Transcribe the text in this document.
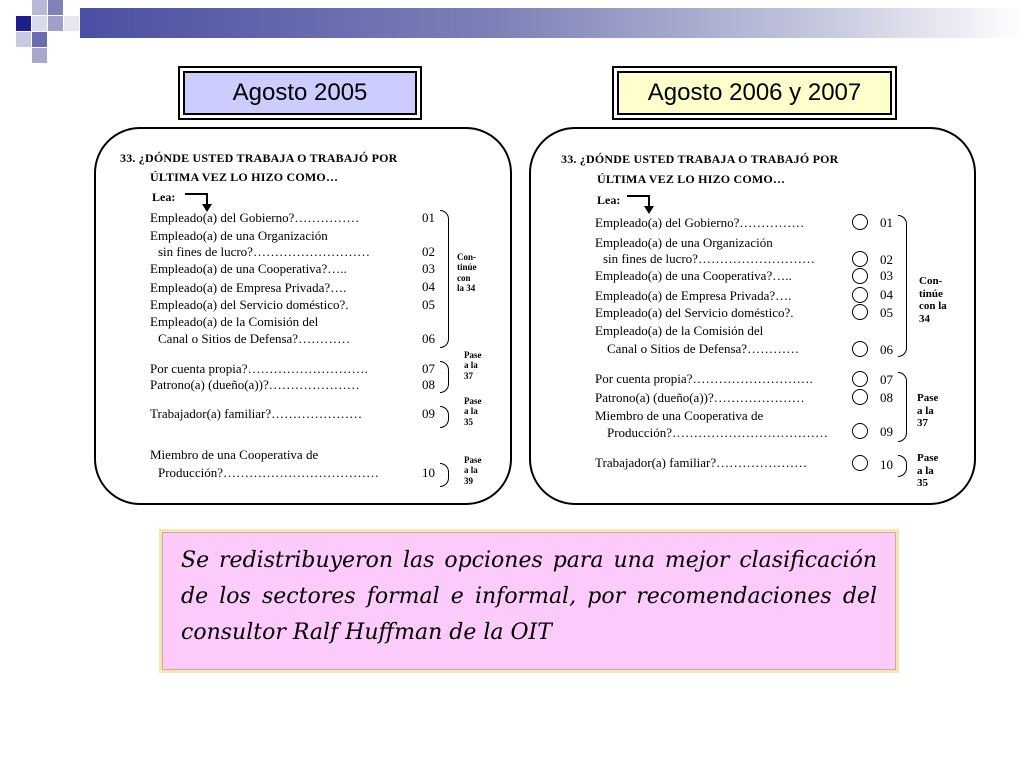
Agosto 2005	Agosto 2006 y 2007
33. ¿DÓNDE USTED TRABAJA O TRABAJÓ POR
ÚLTIMA VEZ LO HIZO COMO…
Lea:
Empleado(a) del Gobierno?……………	01
Empleado(a) de una Organización
sin fines de lucro?………………………	02
Empleado(a) de una Cooperativa?…..	03
Empleado(a) de Empresa Privada?….	04
Empleado(a) del Servicio doméstico?.	05
Empleado(a) de la Comisión del
Canal o Sitios de Defensa?…………	06
Por cuenta propia?……………………….	07
Patrono(a) (dueño(a))?…………………	08
Trabajador(a) familiar?…………………	09
Miembro de una Cooperativa de
Producción?………………………………	10
Con-
tinúe
con
la 34
Pase
a la
37
Pase
a la
35
Pase
a la
39
33. ¿DÓNDE USTED TRABAJA O TRABAJÓ POR
ÚLTIMA VEZ LO HIZO COMO…
Lea:
Empleado(a) del Gobierno?……………	01
Empleado(a) de una Organización
sin fines de lucro?………………………	02
Empleado(a) de una Cooperativa?…..	03
Empleado(a) de Empresa Privada?….	04
Empleado(a) del Servicio doméstico?.	05
Empleado(a) de la Comisión del
Canal o Sitios de Defensa?…………	06
Por cuenta propia?……………………….	07
Patrono(a) (dueño(a))?…………………	08
Miembro de una Cooperativa de
Producción?………………………………	09
Trabajador(a) familiar?…………………	10
Con-
tinúe
con la
34
Pase
a la
37
Pase
a la
35
Se redistribuyeron las opciones para una mejor clasificación de los sectores formal e informal, por recomendaciones del consultor Ralf Huffman de la OIT
